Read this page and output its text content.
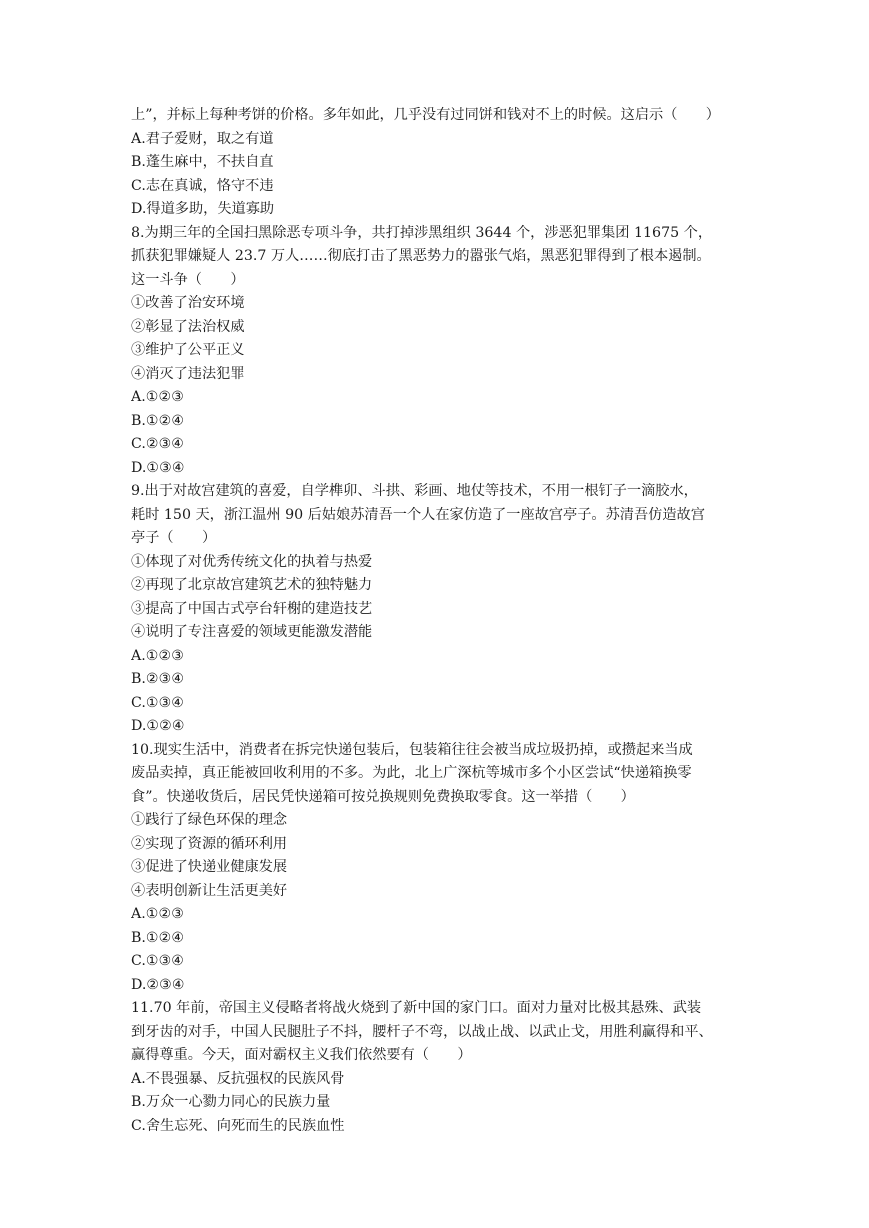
上”，并标上每种考饼的价格。多年如此，几乎没有过同饼和钱对不上的时候。这启示（　　）
A.君子爱财，取之有道
B.蓬生麻中，不扶自直
C.志在真诚，恪守不违
D.得道多助，失道寡助
8.为期三年的全国扫黑除恶专项斗争，共打掉涉黑组织 3644 个，涉恶犯罪集团 11675 个，
抓获犯罪嫌疑人 23.7 万人……彻底打击了黑恶势力的嚣张气焰，黑恶犯罪得到了根本遏制。
这一斗争（　　）
①改善了治安环境
②彰显了法治权威
③维护了公平正义
④消灭了违法犯罪
A.①②③
B.①②④
C.②③④
D.①③④
9.出于对故宫建筑的喜爱，自学榫卯、斗拱、彩画、地仗等技术，不用一根钉子一滴胶水，
耗时 150 天，浙江温州 90 后姑娘苏清吾一个人在家仿造了一座故宫亭子。苏清吾仿造故宫
亭子（　　）
①体现了对优秀传统文化的执着与热爱
②再现了北京故宫建筑艺术的独特魅力
③提高了中国古式亭台轩榭的建造技艺
④说明了专注喜爱的领域更能激发潜能
A.①②③
B.②③④
C.①③④
D.①②④
10.现实生活中，消费者在拆完快递包装后，包装箱往往会被当成垃圾扔掉，或攒起来当成
废品卖掉，真正能被回收利用的不多。为此，北上广深杭等城市多个小区尝试“快递箱换零
食”。快递收货后，居民凭快递箱可按兑换规则免费换取零食。这一举措（　　）
①践行了绿色环保的理念
②实现了资源的循环利用
③促进了快递业健康发展
④表明创新让生活更美好
A.①②③
B.①②④
C.①③④
D.②③④
11.70 年前，帝国主义侵略者将战火烧到了新中国的家门口。面对力量对比极其悬殊、武装
到牙齿的对手，中国人民腿肚子不抖，腰杆子不弯，以战止战、以武止戈，用胜利赢得和平、
赢得尊重。今天，面对霸权主义我们依然要有（　　）
A.不畏强暴、反抗强权的民族风骨
B.万众一心勠力同心的民族力量
C.舍生忘死、向死而生的民族血性
